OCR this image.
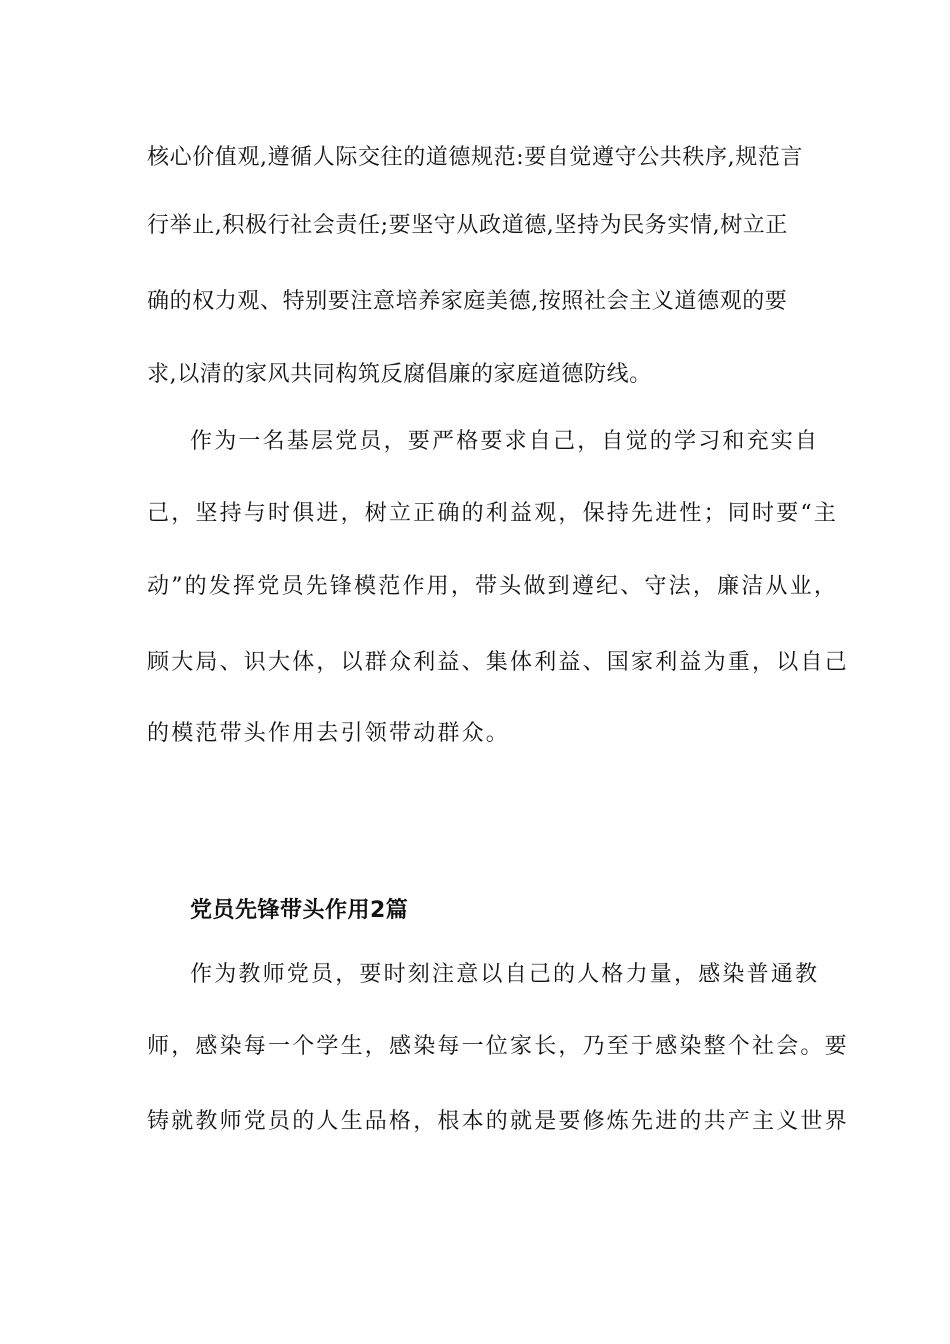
核心价值观,遵循人际交往的道德规范:要自觉遵守公共秩序,规范言
行举止,积极行社会责任;要坚守从政道德,坚持为民务实情,树立正
确的权力观、特别要注意培养家庭美德,按照社会主义道德观的要
求,以清的家风共同构筑反腐倡廉的家庭道德防线。
作为一名基层党员，要严格要求自己，自觉的学习和充实自
己，坚持与时俱进，树立正确的利益观，保持先进性；同时要“主
动”的发挥党员先锋模范作用，带头做到遵纪、守法，廉洁从业，
顾大局、识大体，以群众利益、集体利益、国家利益为重，以自己
的模范带头作用去引领带动群众。
党员先锋带头作用2篇
作为教师党员，要时刻注意以自己的人格力量，感染普通教
师，感染每一个学生，感染每一位家长，乃至于感染整个社会。要
铸就教师党员的人生品格，根本的就是要修炼先进的共产主义世界
